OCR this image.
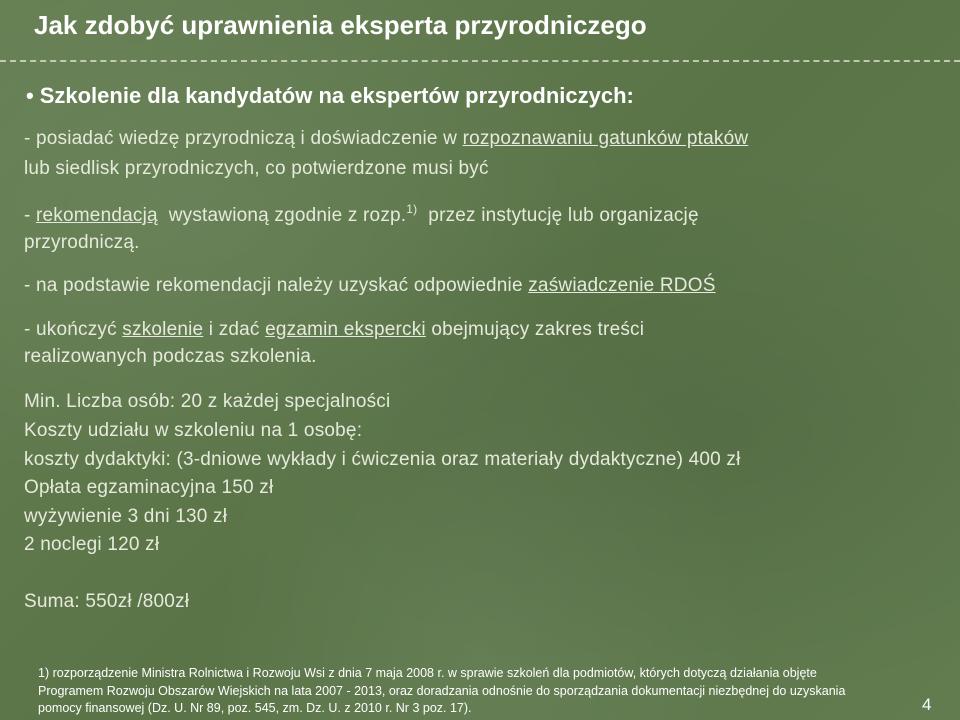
Jak zdobyć uprawnienia eksperta przyrodniczego
• Szkolenie dla kandydatów na ekspertów przyrodniczych:
- posiadać wiedzę przyrodniczą i doświadczenie w rozpoznawaniu gatunków ptaków
lub siedlisk przyrodniczych, co potwierdzone musi być
- rekomendacją  wystawioną zgodnie z rozp.$^{1)}$  przez instytucję lub organizację
przyrodniczą.
- na podstawie rekomendacji należy uzyskać odpowiednie zaświadczenie RDOŚ
- ukończyć szkolenie i zdać egzamin ekspercki obejmujący zakres treści
realizowanych podczas szkolenia.
Min. Liczba osób: 20 z każdej specjalności
Koszty udziału w szkoleniu na 1 osobę:
koszty dydaktyki: (3-dniowe wykłady i ćwiczenia oraz materiały dydaktyczne) 400 zł
Opłata egzaminacyjna 150 zł
wyżywienie 3 dni 130 zł
2 noclegi 120 zł
Suma: 550zł /800zł
1) rozporządzenie Ministra Rolnictwa i Rozwoju Wsi z dnia 7 maja 2008 r. w sprawie szkoleń dla podmiotów, których dotyczą działania objęte
Programem Rozwoju Obszarów Wiejskich na lata 2007 - 2013, oraz doradzania odnośnie do sporządzania dokumentacji niezbędnej do uzyskania
pomocy finansowej (Dz. U. Nr 89, poz. 545, zm. Dz. U. z 2010 r. Nr 3 poz. 17).	4
